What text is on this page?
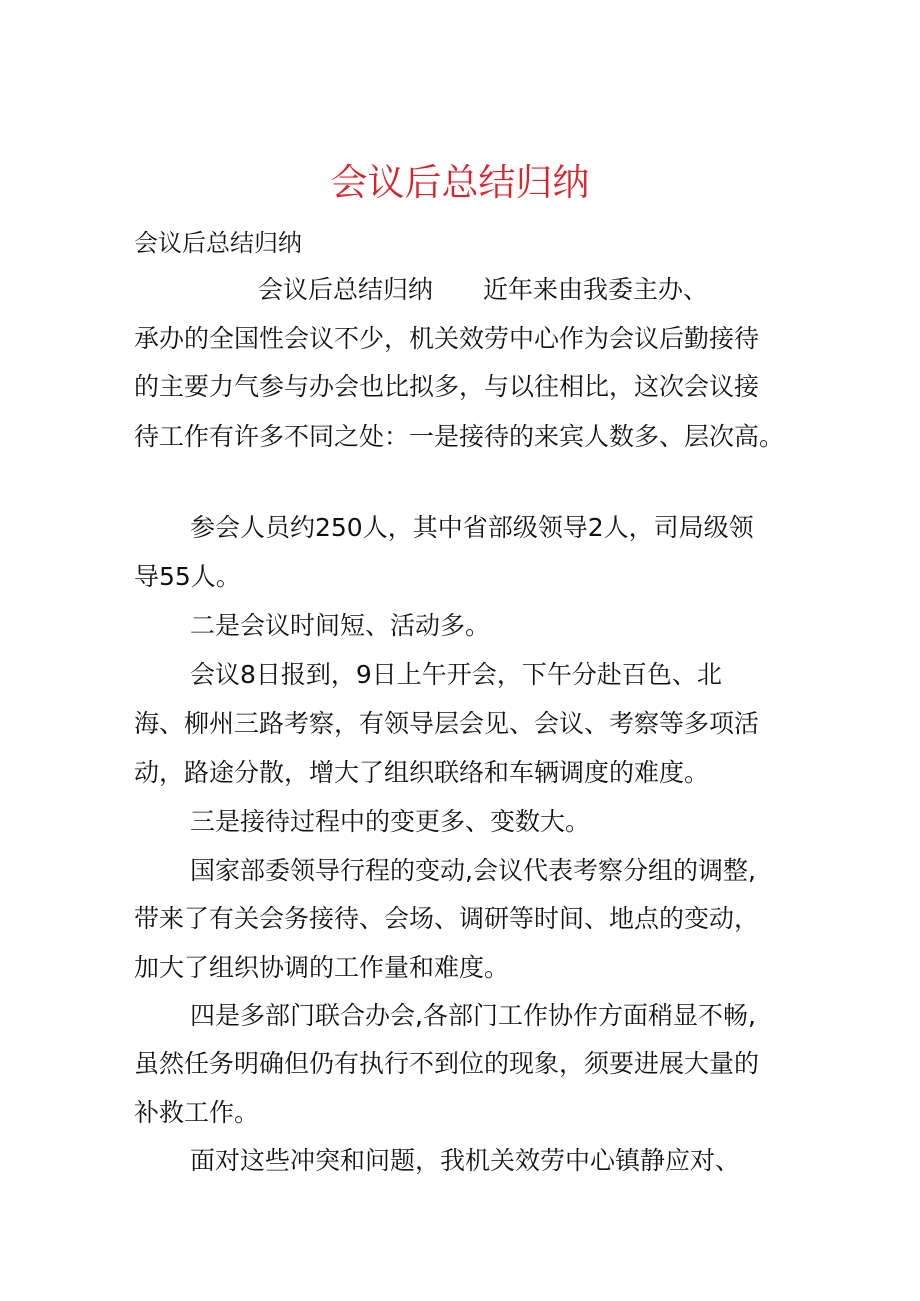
会议后总结归纳
会议后总结归纳
会议后总结归纳　　近年来由我委主办、
承办的全国性会议不少，机关效劳中心作为会议后勤接待
的主要力气参与办会也比拟多，与以往相比，这次会议接
待工作有许多不同之处：一是接待的来宾人数多、层次高。
参会人员约250人，其中省部级领导2人，司局级领
导55人。
二是会议时间短、活动多。
会议8日报到，9日上午开会，下午分赴百色、北
海、柳州三路考察，有领导层会见、会议、考察等多项活
动，路途分散，增大了组织联络和车辆调度的难度。
三是接待过程中的变更多、变数大。
国家部委领导行程的变动,会议代表考察分组的调整,
带来了有关会务接待、会场、调研等时间、地点的变动，
加大了组织协调的工作量和难度。
四是多部门联合办会,各部门工作协作方面稍显不畅,
虽然任务明确但仍有执行不到位的现象，须要进展大量的
补救工作。
面对这些冲突和问题，我机关效劳中心镇静应对、
